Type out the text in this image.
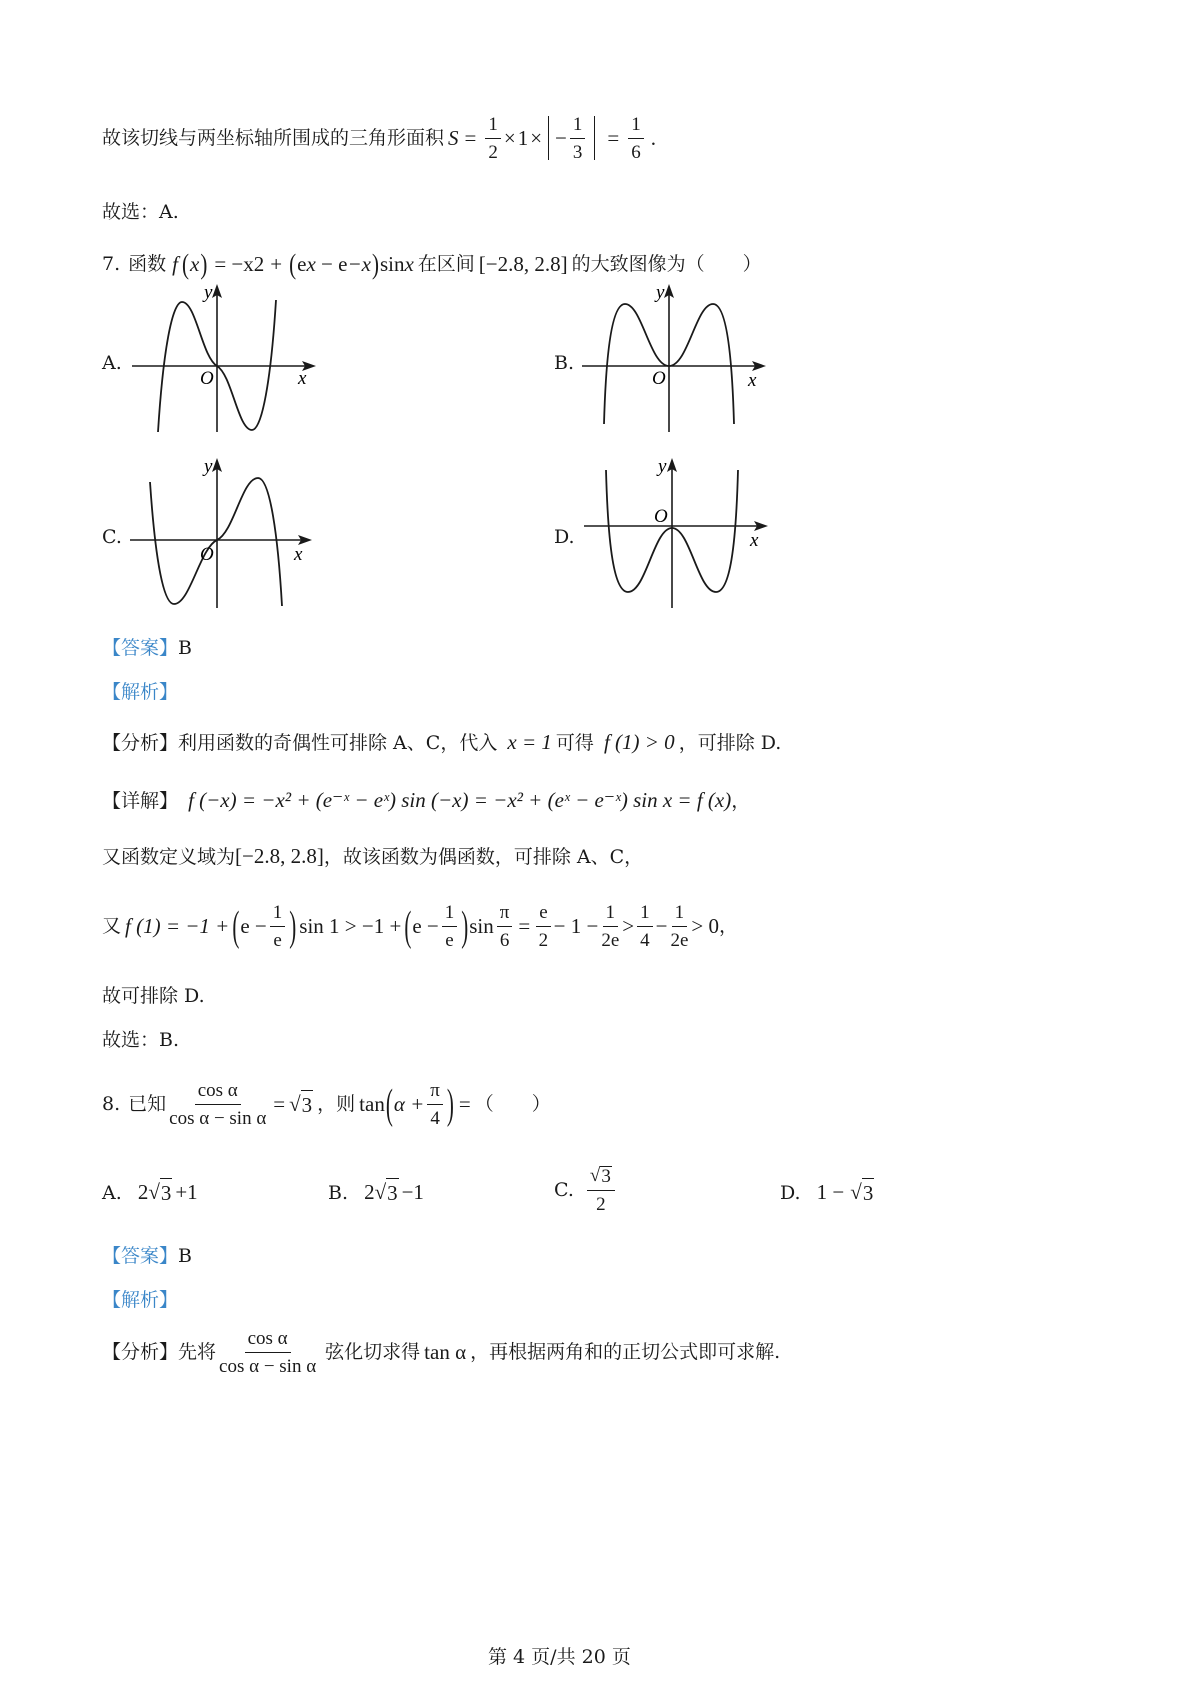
故该切线与两坐标轴所围成的三角形面积 $S = \frac{1}{2} \times 1$ × − $\frac{1}{3} = \frac{1}{6}$ .
故选：A.
7. 函数 f ( x ) = −x 2 + ( e x − e −x ) sin x 在区间 [−2.8, 2.8] 的大致图像为（　　）
A.
y
x
O
B.
y
x
O
C.
y
x
O
D.
y
x
O
【答案】B
【解析】
【分析】利用函数的奇偶性可排除 A、C，代入 x = 1 可得 f (1) > 0 ，可排除 D.
【详解】 f (−x) = −x² + (e⁻ˣ − eˣ) sin (−x) = −x² + (eˣ − e⁻ˣ) sin x = f (x)，
又函数定义域为[−2.8, 2.8]，故该函数为偶函数，可排除 A、C，
又 f (1) = −1 + ( $e - \frac{1}{e}$ ) sin 1 > −1 + ( $e - \frac{1}{e}$ ) $\sin \frac{\pi}{6} = \frac{e}{2} - 1 - \frac{1}{2e} > \frac{1}{4} - \frac{1}{2e} > 0$ ，
故可排除 D.
故选：B.
8. 已知 $\frac{\text{cos α}}{\text{cos α − sin α}}$ = √ 3 ，则 tan ( $\alpha + \frac{\pi}{4}$ ) = （　　）
A. 2 √ 3 +1	B. 2 √ 3 −1	C. $\frac{√ 3}{2}$	D. 1 − √ 3
【答案】B
【解析】
【分析】 先将 $\frac{\text{cos α}}{\text{cos α − sin α}}$ 弦化切求得 tan α ，再根据两角和的正切公式即可求解.
第 4 页/共 20 页
